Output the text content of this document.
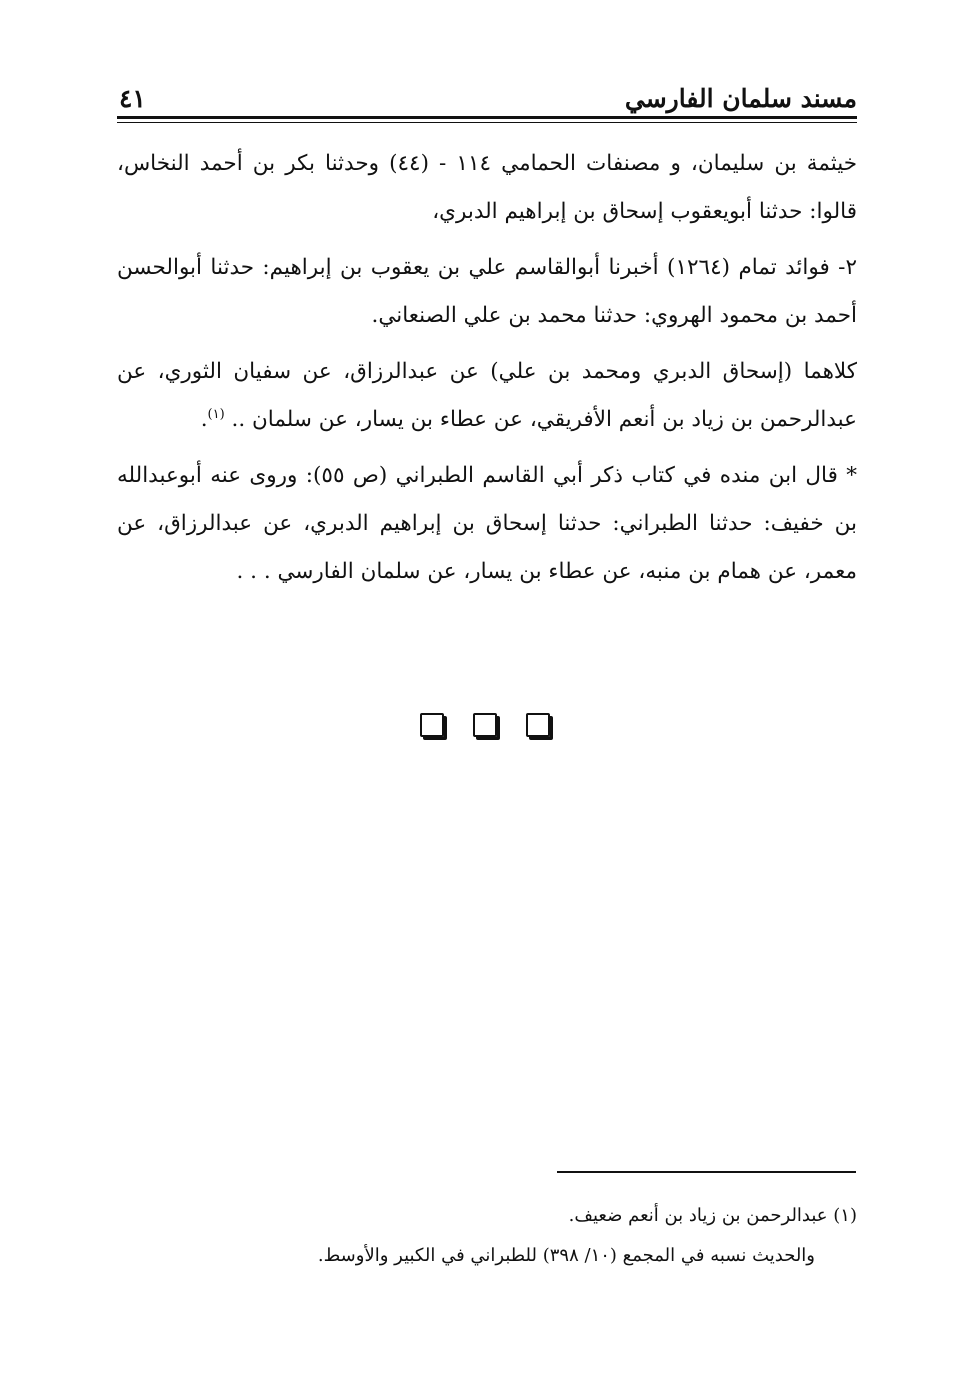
مسند سلمان الفارسي
٤١

خيثمة بن سليمان، و مصنفات الحمامي ١١٤ - (٤٤) وحدثنا بكر بن أحمد النخاس، قالوا: حدثنا أبويعقوب إسحاق بن إبراهيم الدبري،

٢- فوائد تمام (١٢٦٤) أخبرنا أبوالقاسم علي بن يعقوب بن إبراهيم: حدثنا أبوالحسن أحمد بن محمود الهروي: حدثنا محمد بن علي الصنعاني.

كلاهما (إسحاق الدبري ومحمد بن علي) عن عبدالرزاق، عن سفيان الثوري، عن عبدالرحمن بن زياد بن أنعم الأفريقي، عن عطاء بن يسار، عن سلمان .. $^{(١)}$.

* قال ابن منده في كتاب ذكر أبي القاسم الطبراني (ص ٥٥): وروى عنه أبوعبدالله بن خفيف: حدثنا الطبراني: حدثنا إسحاق بن إبراهيم الدبري، عن عبدالرزاق، عن معمر، عن همام بن منبه، عن عطاء بن يسار، عن سلمان الفارسي . . .

(١) عبدالرحمن بن زياد بن أنعم ضعيف.

والحديث نسبه في المجمع (١٠/ ٣٩٨) للطبراني في الكبير والأوسط.
